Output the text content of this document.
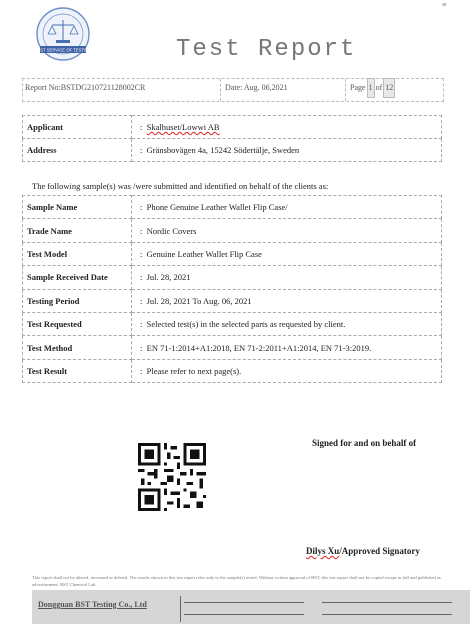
BEST SERVICE OF TESTING
≡
Test Report
Report No:BSTDG210721128002CR	Date: Aug. 06,2021	Page 1 of 12
Applicant	:  Skalhuset/Lowwi AB
Address	:  Gränsbovägen 4a, 15242 Södertälje, Sweden
The following sample(s) was /were submitted and identified on behalf of the clients as:
Sample Name	:  Phone Genuine Leather Wallet Flip Case/
Trade Name	:  Nordic Covers
Test Model	:  Genuine Leather Wallet Flip Case
Sample Received Date	:  Jul. 28, 2021
Testing Period	:  Jul. 28, 2021 To Aug. 06, 2021
Test Requested	:  Selected test(s) in the selected parts as requested by client.
Test Method	:  EN 71-1:2014+A1:2018, EN 71-2:2011+A1:2014, EN 71-3:2019.
Test Result	:  Please refer to next page(s).
Signed for and on behalf of
Dilys Xu/Approved Signatory
This report shall not be altered, increased or deleted. The results shown in this test report refer only to the sample(s) tested. Without written approval of BST, this test report shall not be copied except in full and published as advertisement. BST Chemical Lab.
Dongguan BST Testing Co., Ltd
